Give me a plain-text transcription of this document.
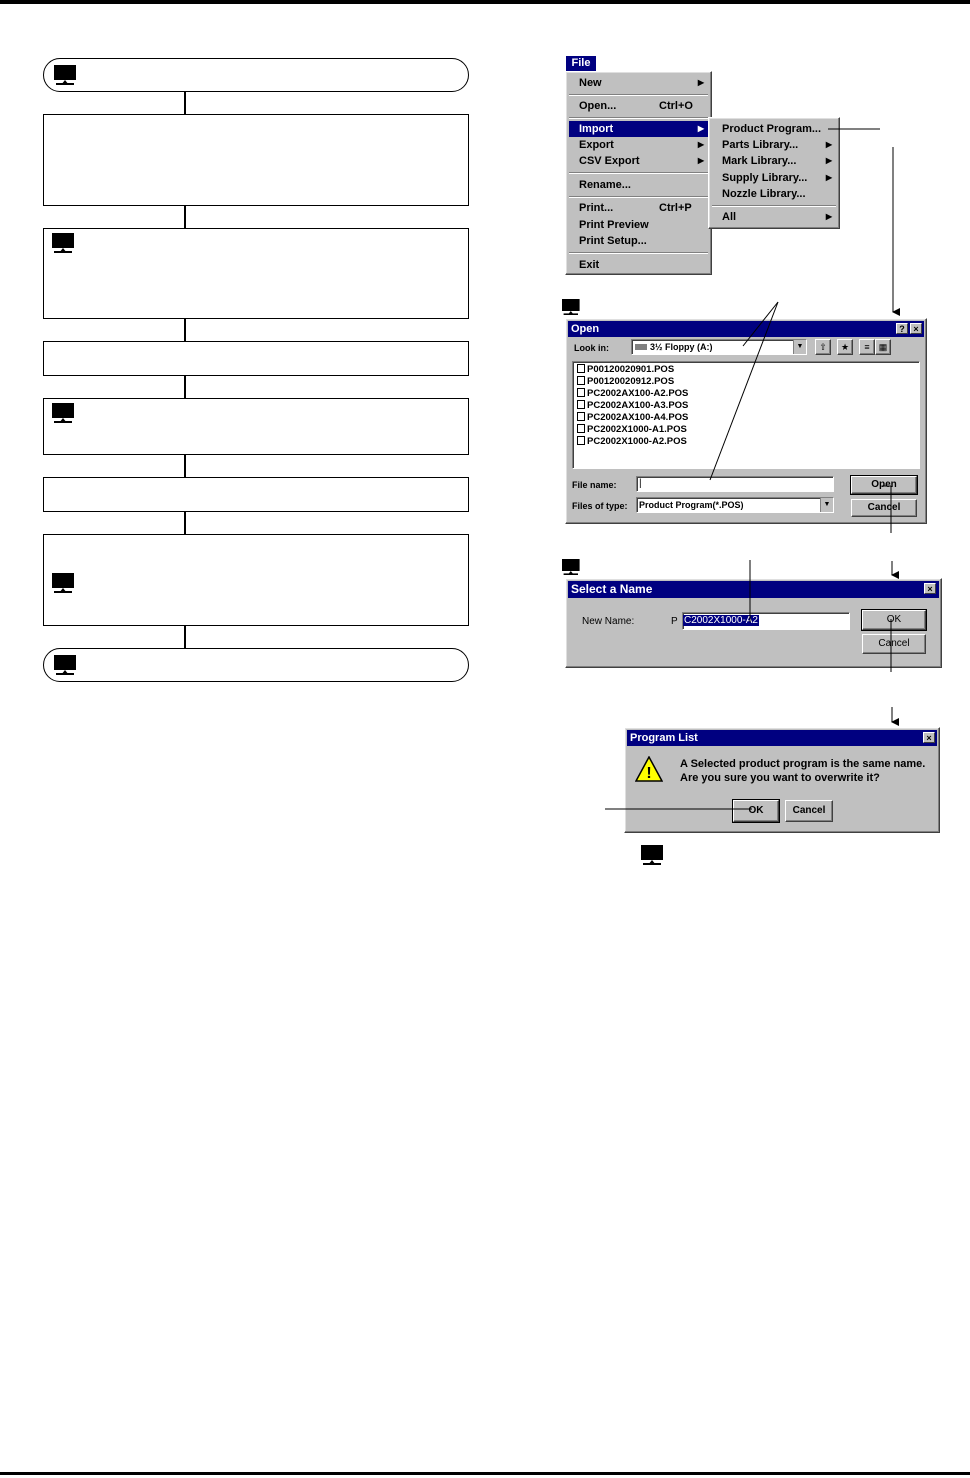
File
New	▶
Open...	Ctrl+O
Import	▶
Export	▶
CSV Export	▶
Rename...
Print...	Ctrl+P
Print Preview
Print Setup...
Exit
Product Program...
Parts Library...	▶
Mark Library...	▶
Supply Library... ▶
Nozzle Library...
All	▶
Open	? ×
Look in:	3½ Floppy (A:)	▼	⇧	★	≡	▦
P00120020901.POS
P00120020912.POS
PC2002AX100-A2.POS
PC2002AX100-A3.POS
PC2002AX100-A4.POS
PC2002X1000-A1.POS
PC2002X1000-A2.POS
File name:	|
Files of type:	Product Program(*.POS)	▼
Open
Cancel
Select a Name	×
New Name:	P C2002X1000-A2	OK
Cancel
Program List	×
!
A Selected product program is the same name.
Are you sure you want to overwrite it?
OK	Cancel
